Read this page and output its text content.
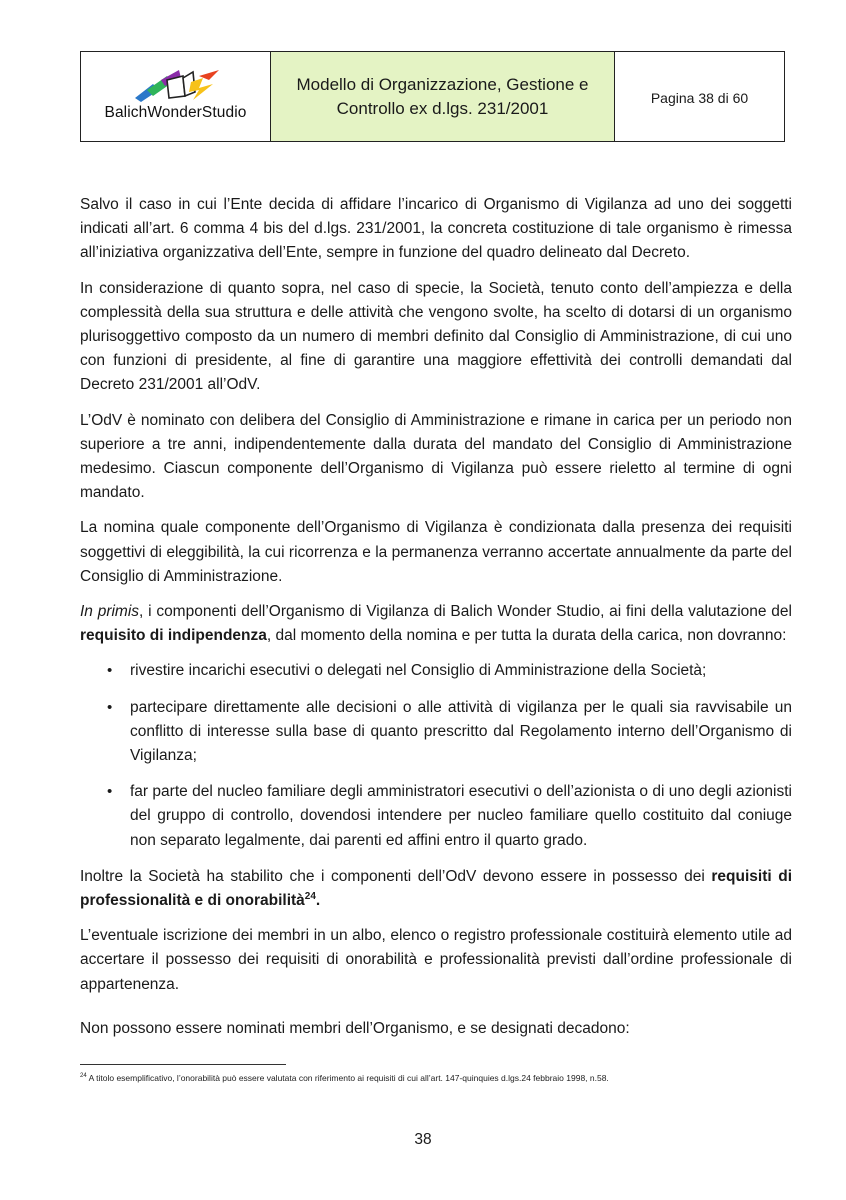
BalichWonderStudio
Modello di Organizzazione, Gestione e
Controllo ex d.lgs. 231/2001
Pagina 38 di 60

Salvo il caso in cui l’Ente decida di affidare l’incarico di Organismo di Vigilanza ad uno dei soggetti indicati all’art. 6 comma 4 bis del d.lgs. 231/2001, la concreta costituzione di tale organismo è rimessa all’iniziativa organizzativa dell’Ente, sempre in funzione del quadro delineato dal Decreto.

In considerazione di quanto sopra, nel caso di specie, la Società, tenuto conto dell’ampiezza e della complessità della sua struttura e delle attività che vengono svolte, ha scelto di dotarsi di un organismo plurisoggettivo composto da un numero di membri definito dal Consiglio di Amministrazione, di cui uno con funzioni di presidente, al fine di garantire una maggiore effettività dei controlli demandati dal Decreto 231/2001 all’OdV.

L’OdV è nominato con delibera del Consiglio di Amministrazione e rimane in carica per un periodo non superiore a tre anni, indipendentemente dalla durata del mandato del Consiglio di Amministrazione medesimo. Ciascun componente dell’Organismo di Vigilanza può essere rieletto al termine di ogni mandato.

La nomina quale componente dell’Organismo di Vigilanza è condizionata dalla presenza dei requisiti soggettivi di eleggibilità, la cui ricorrenza e la permanenza verranno accertate annualmente da parte del Consiglio di Amministrazione.

In primis, i componenti dell’Organismo di Vigilanza di Balich Wonder Studio, ai fini della valutazione del requisito di indipendenza, dal momento della nomina e per tutta la durata della carica, non dovranno:

• rivestire incarichi esecutivi o delegati nel Consiglio di Amministrazione della Società;
• partecipare direttamente alle decisioni o alle attività di vigilanza per le quali sia ravvisabile un conflitto di interesse sulla base di quanto prescritto dal Regolamento interno dell’Organismo di Vigilanza;
• far parte del nucleo familiare degli amministratori esecutivi o dell’azionista o di uno degli azionisti del gruppo di controllo, dovendosi intendere per nucleo familiare quello costituito dal coniuge non separato legalmente, dai parenti ed affini entro il quarto grado.

Inoltre la Società ha stabilito che i componenti dell’OdV devono essere in possesso dei requisiti di professionalità e di onorabilità$^{24}$.

L’eventuale iscrizione dei membri in un albo, elenco o registro professionale costituirà elemento utile ad accertare il possesso dei requisiti di onorabilità e professionalità previsti dall’ordine professionale di appartenenza.

Non possono essere nominati membri dell’Organismo, e se designati decadono:

$^{24}$ A titolo esemplificativo, l’onorabilità può essere valutata con riferimento ai requisiti di cui all’art. 147-quinquies d.lgs.24 febbraio 1998, n.58.
38
